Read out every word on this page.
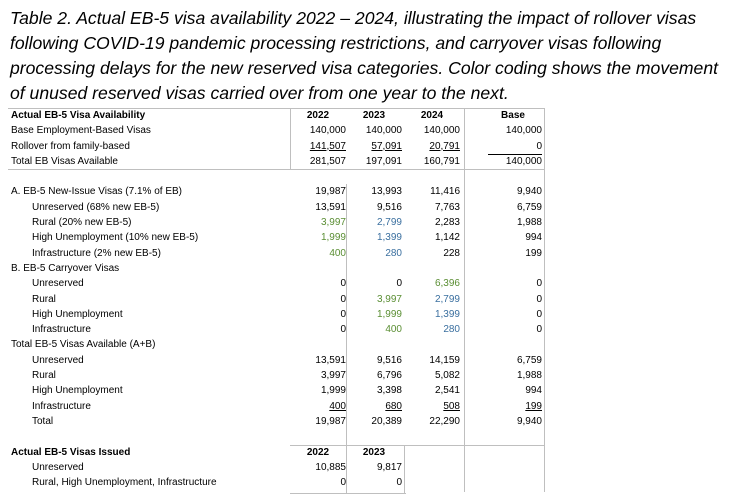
Table 2. Actual EB-5 visa availability 2022 – 2024, illustrating the impact of rollover visas following COVID-19 pandemic processing restrictions, and carryover visas following processing delays for the new reserved visa categories. Color coding shows the movement of unused reserved visas carried over from one year to the next.
Actual EB-5 Visa Availability	2022	2023	2024	Base
Base Employment-Based Visas	140,000	140,000	140,000	140,000
Rollover from family-based	141,507	57,091	20,791	0
Total EB Visas Available	281,507	197,091	160,791	140,000
A. EB-5 New-Issue Visas (7.1% of EB)	19,987	13,993	11,416	9,940
Unreserved (68% new EB-5)	13,591	9,516	7,763	6,759
Rural (20% new EB-5)	3,997	2,799	2,283	1,988
High Unemployment (10% new EB-5)	1,999	1,399	1,142	994
Infrastructure (2% new EB-5)	400	280	228	199
B. EB-5 Carryover Visas
Unreserved	0	0	6,396	0
Rural	0	3,997	2,799	0
High Unemployment	0	1,999	1,399	0
Infrastructure	0	400	280	0
Total EB-5 Visas Available (A+B)
Unreserved	13,591	9,516	14,159	6,759
Rural	3,997	6,796	5,082	1,988
High Unemployment	1,999	3,398	2,541	994
Infrastructure	400	680	508	199
Total	19,987	20,389	22,290	9,940
Actual EB-5 Visas Issued	2022	2023
Unreserved	10,885	9,817
Rural, High Unemployment, Infrastructure	0	0
